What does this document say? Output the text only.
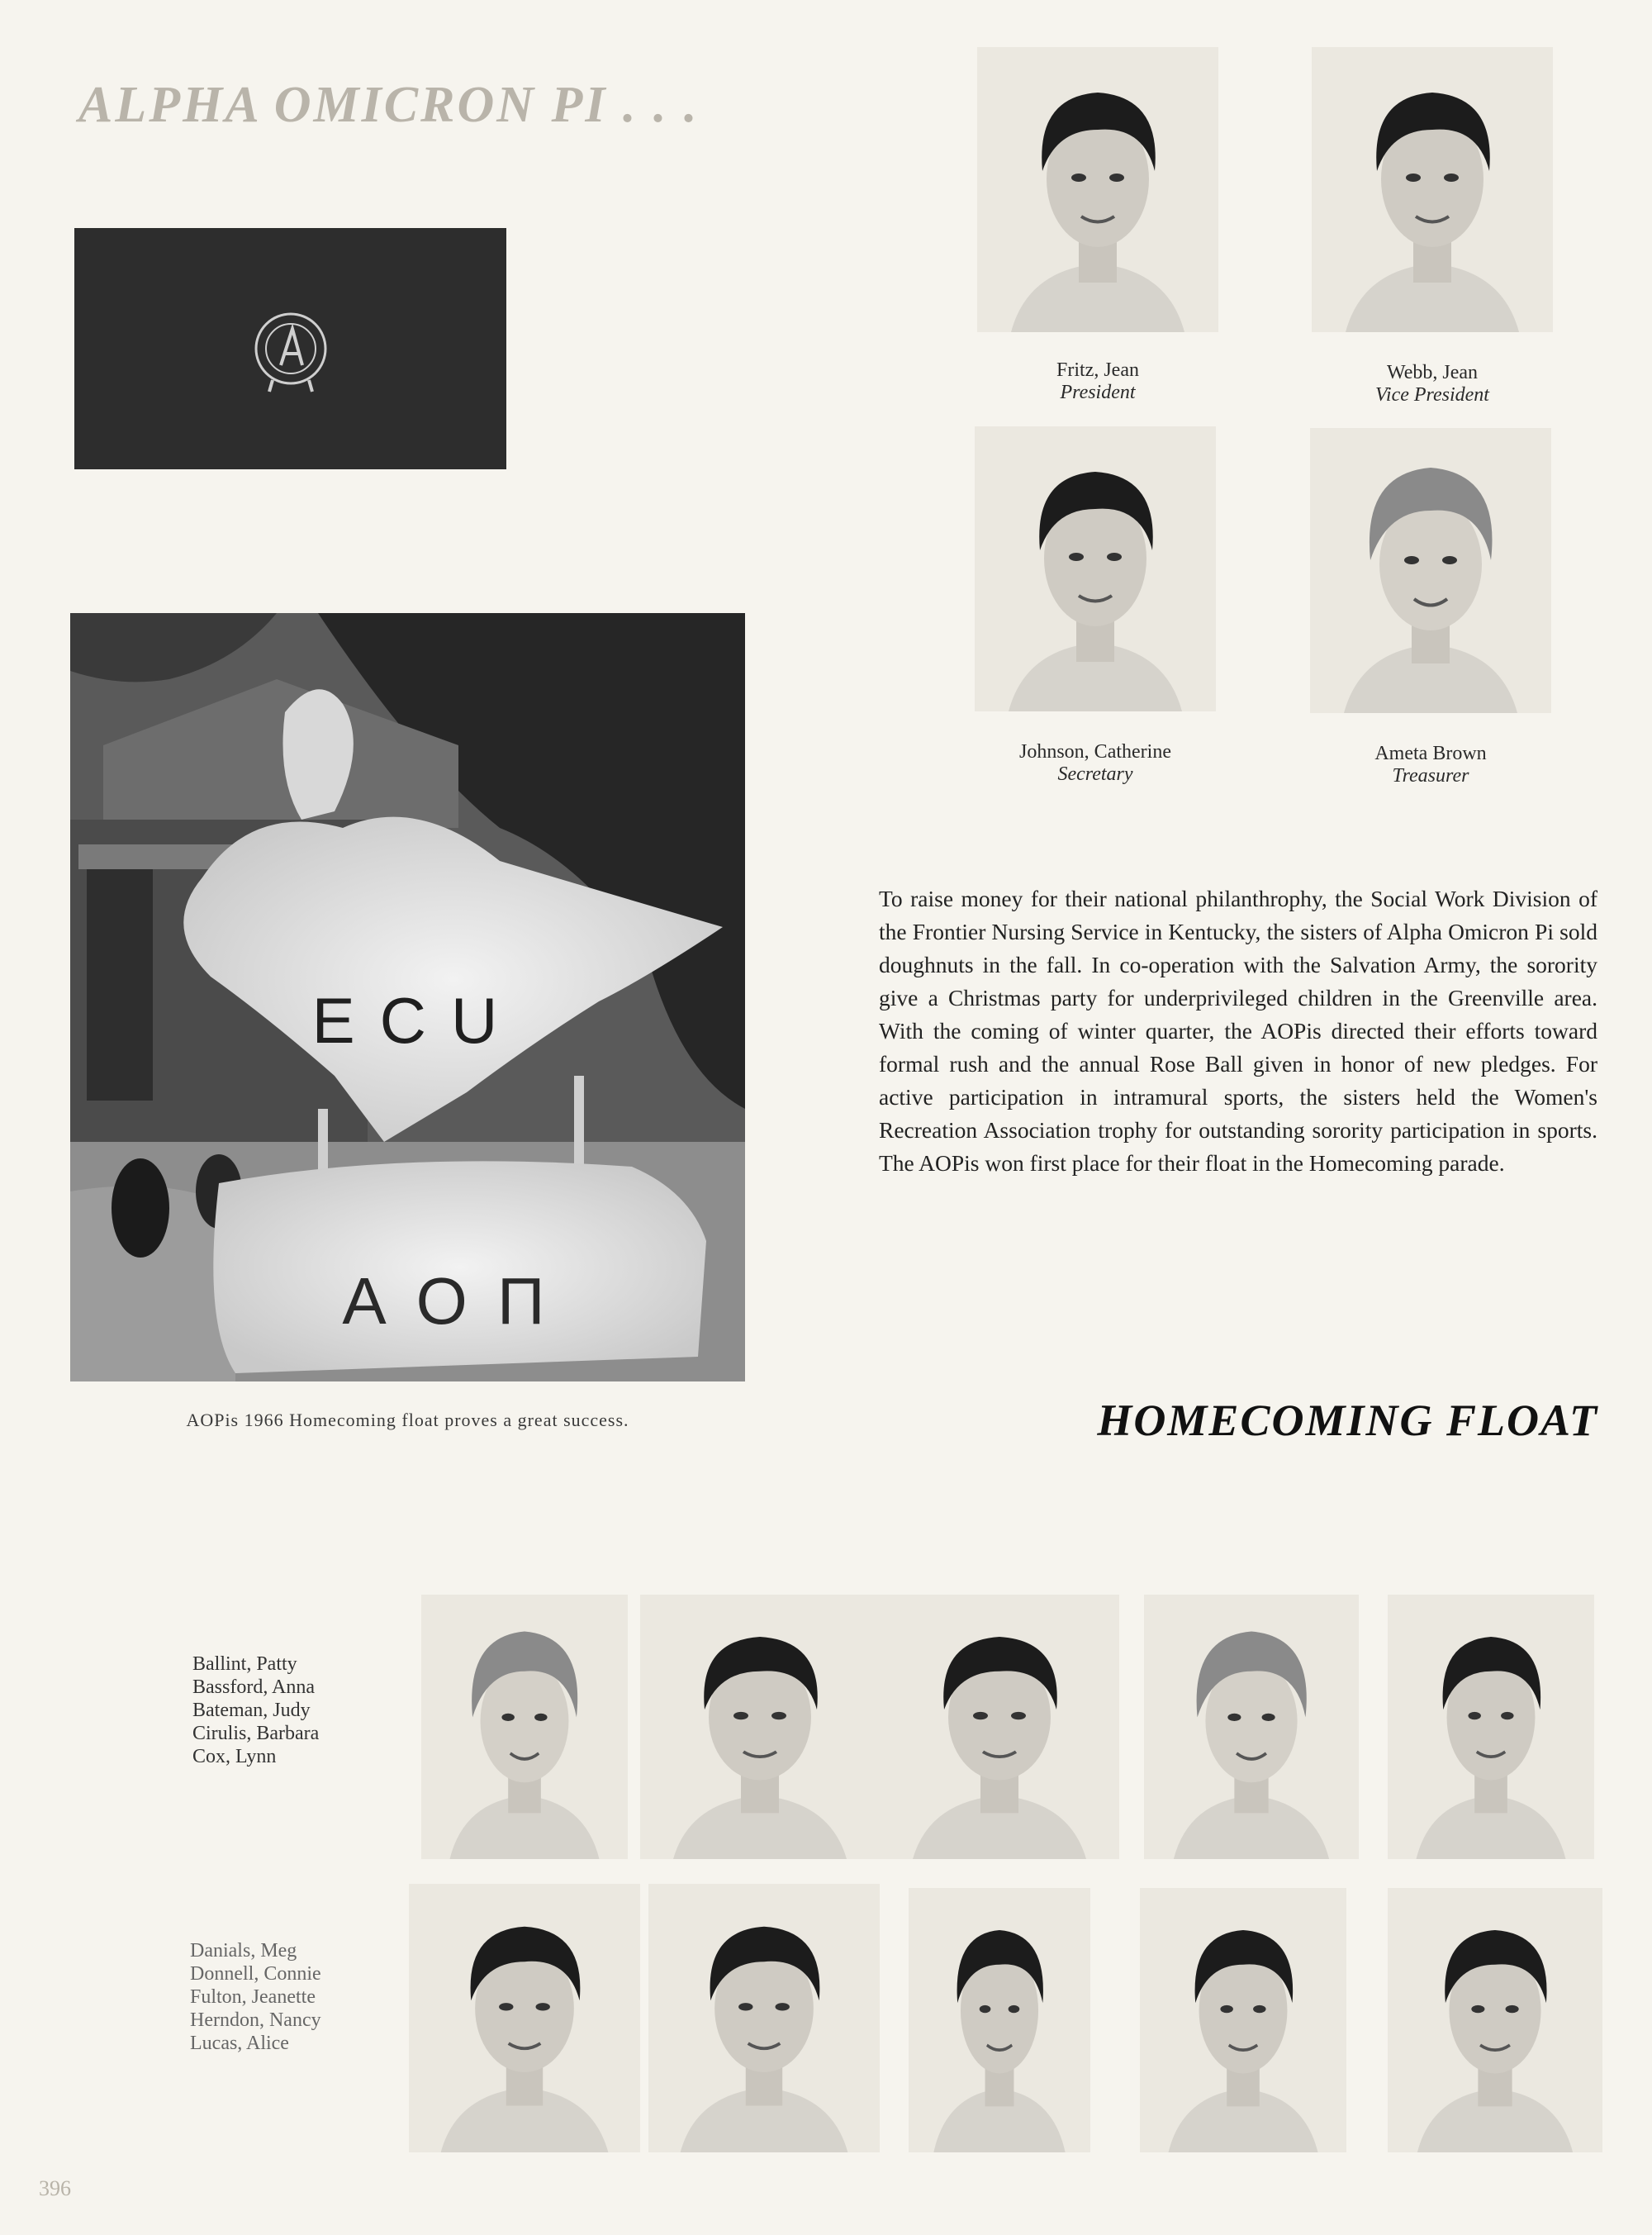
ALPHA OMICRON PI . . .
ECU
AOΠ
AOPis 1966 Homecoming float proves a great success.
Fritz, Jean
President
Webb, Jean
Vice President
Johnson, Catherine
Secretary
Ameta Brown
Treasurer
To raise money for their national philanthrophy, the Social Work Division of the Frontier Nursing Service in Kentucky, the sisters of Alpha Omicron Pi sold doughnuts in the fall. In co-operation with the Salvation Army, the sorority give a Christmas party for underprivileged children in the Greenville area. With the coming of winter quarter, the AOPis directed their efforts toward formal rush and the annual Rose Ball given in honor of new pledges. For active participation in intramural sports, the sisters held the Women's Recreation Association trophy for outstanding sorority participation in sports. The AOPis won first place for their float in the Homecoming parade.
HOMECOMING FLOAT
Ballint, Patty
Bassford, Anna
Bateman, Judy
Cirulis, Barbara
Cox, Lynn
Danials, Meg
Donnell, Connie
Fulton, Jeanette
Herndon, Nancy
Lucas, Alice
396
